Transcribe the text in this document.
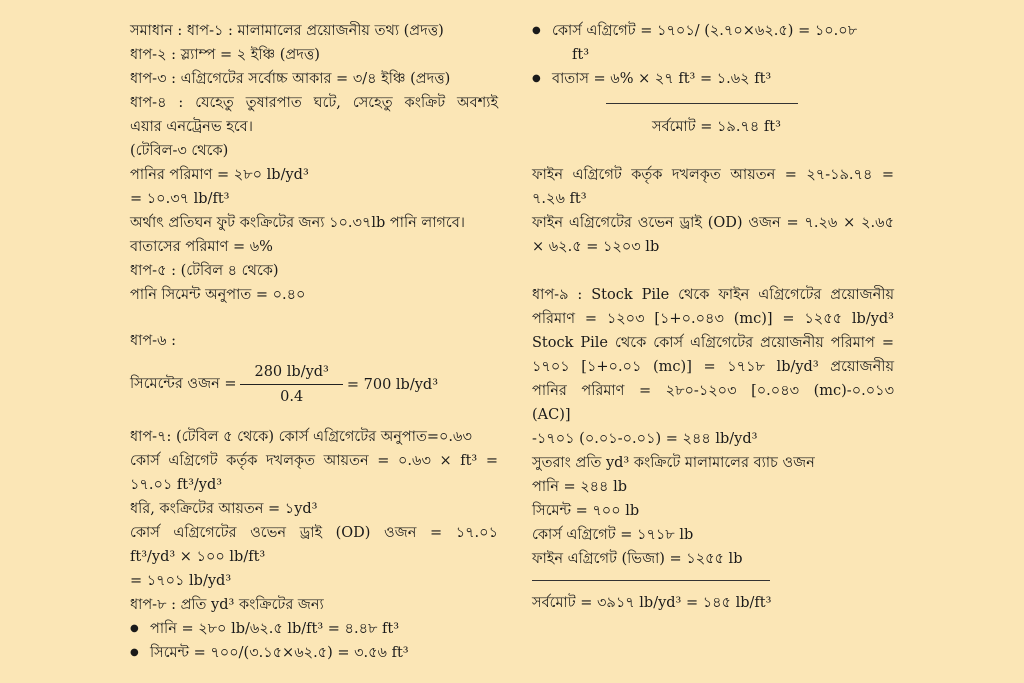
সমাধান : ধাপ-১ : মালামালের প্রয়োজনীয় তথ্য (প্রদত্ত)
ধাপ-২ : স্ল্যাম্প = ২ ইঞ্চি (প্রদত্ত)
ধাপ-৩ : এগ্রিগেটের সর্বোচ্চ আকার = ৩/৪ ইঞ্চি (প্রদত্ত)
ধাপ-৪ : যেহেতু তুষারপাত ঘটে, সেহেতু কংক্রিট অবশ্যই
এয়ার এনট্রেনভ হবে।
(টেবিল-৩ থেকে)
পানির পরিমাণ = ২৮০ lb/yd³
= ১০.৩৭ lb/ft³
অর্থাৎ প্রতিঘন ফুট কংক্রিটের জন্য ১০.৩৭lb পানি লাগবে।
বাতাসের পরিমাণ = ৬%
ধাপ-৫ : (টেবিল ৪ থেকে)
পানি সিমেন্ট অনুপাত = ০.৪০
ধাপ-৬ :
সিমেন্টের ওজন = $\frac{\text{280 lb/yd³}}{0.4} = 700$ lb/yd³
ধাপ-৭: (টেবিল ৫ থেকে) কোর্স এগ্রিগেটের অনুপাত=০.৬৩
কোর্স এগ্রিগেট কর্তৃক দখলকৃত আয়তন = ০.৬৩ × ft³ =
১৭.০১ ft³/yd³
ধরি, কংক্রিটের আয়তন = ১yd³
কোর্স এগ্রিগেটের ওভেন ড্রাই (OD) ওজন = ১৭.০১
ft³/yd³ × ১০০ lb/ft³
= ১৭০১ lb/yd³
ধাপ-৮ : প্রতি yd³ কংক্রিটের জন্য
● পানি = ২৮০ lb/৬২.৫ lb/ft³ = ৪.৪৮ ft³
● সিমেন্ট = ৭০০/(৩.১৫×৬২.৫) = ৩.৫৬ ft³
● কোর্স এগ্রিগেট = ১৭০১/ (২.৭০×৬২.৫) = ১০.০৮
ft³
● বাতাস = ৬% × ২৭ ft³ = ১.৬২ ft³
সর্বমোট = ১৯.৭৪ ft³
ফাইন এগ্রিগেট কর্তৃক দখলকৃত আয়তন = ২৭-১৯.৭৪ =
৭.২৬ ft³
ফাইন এগ্রিগেটের ওভেন ড্রাই (OD) ওজন = ৭.২৬ × ২.৬৫
× ৬২.৫ = ১২০৩ lb
ধাপ-৯ : Stock Pile থেকে ফাইন এগ্রিগেটের প্রয়োজনীয়
পরিমাণ = ১২০৩ [১+০.০৪৩ (mc)] = ১২৫৫ lb/yd³
Stock Pile থেকে কোর্স এগ্রিগেটের প্রয়োজনীয় পরিমাপ =
১৭০১ [১+০.০১ (mc)] = ১৭১৮ lb/yd³ প্রয়োজনীয়
পানির পরিমাণ = ২৮০-১২০৩ [০.০৪৩ (mc)-০.০১৩
(AC)]
-১৭০১ (০.০১-০.০১) = ২৪৪ lb/yd³
সুতরাং প্রতি yd³ কংক্রিটে মালামালের ব্যাচ ওজন
পানি = ২৪৪ lb
সিমেন্ট = ৭০০ lb
কোর্স এগ্রিগেট = ১৭১৮ lb
ফাইন এগ্রিগেট (ভিজা) = ১২৫৫ lb
সর্বমোট = ৩৯১৭ lb/yd³ = ১৪৫ lb/ft³
